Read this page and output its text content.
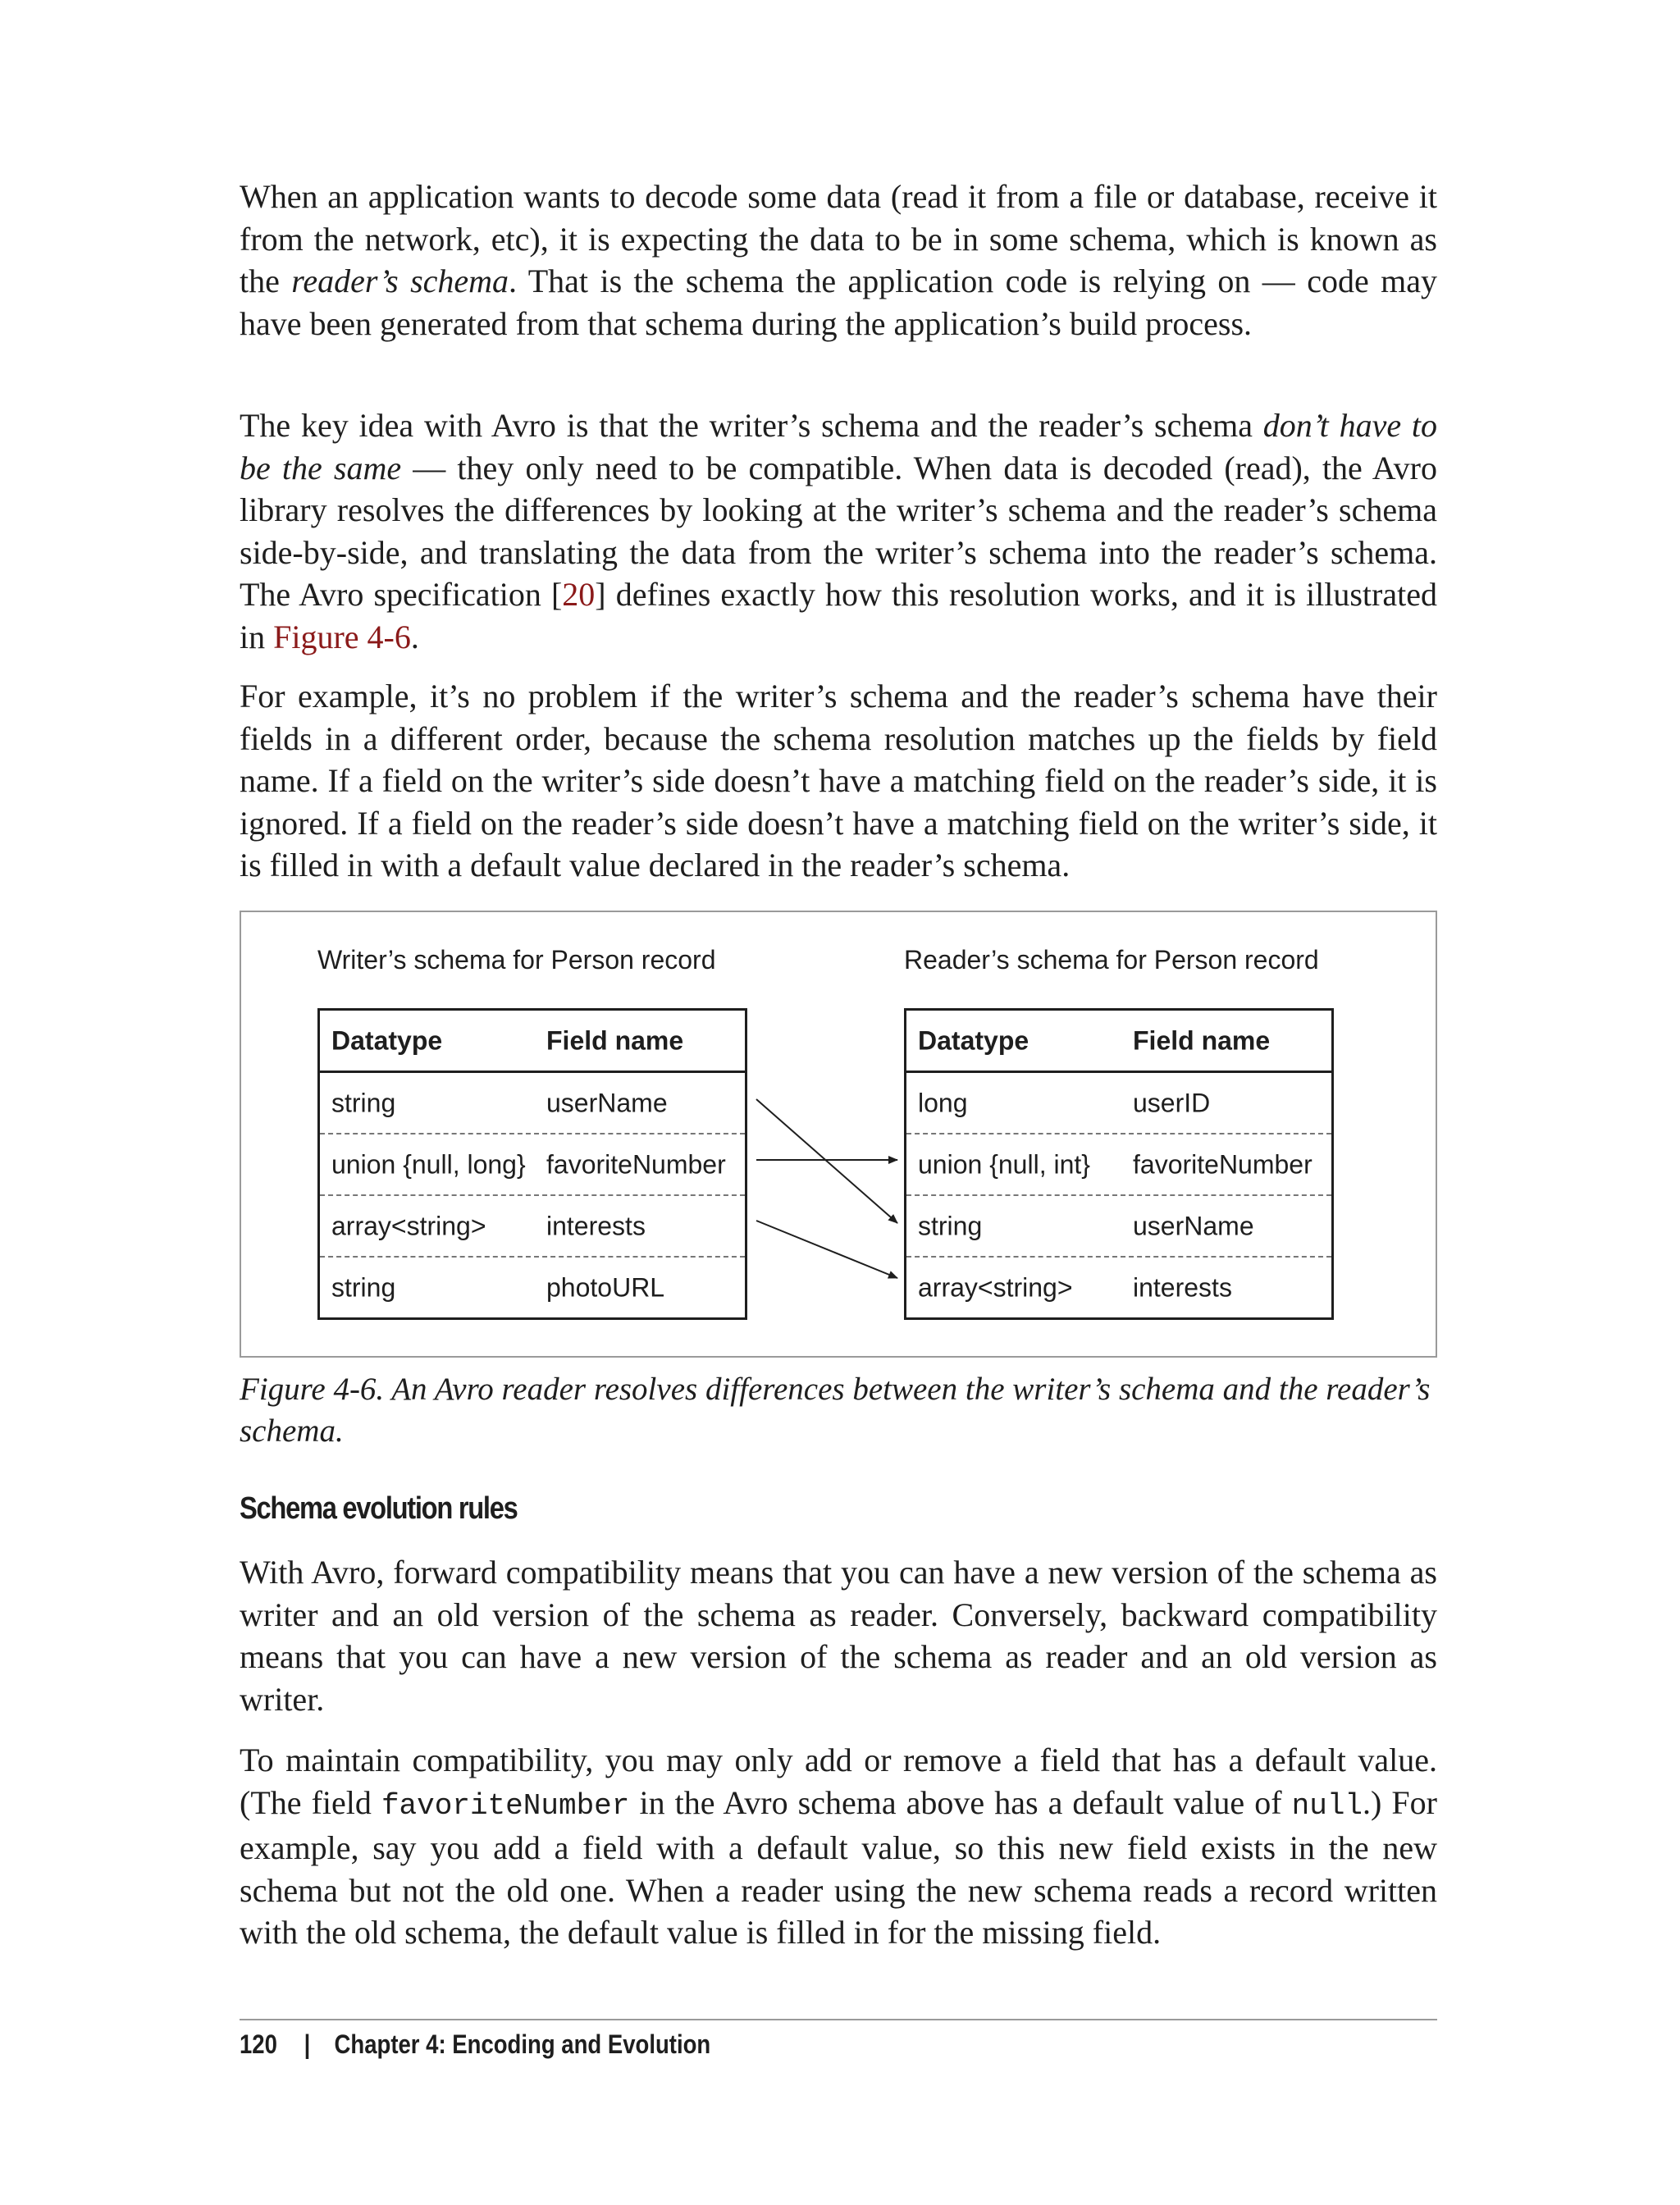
When an application wants to decode some data (read it from a file or database, receive it from the network, etc), it is expecting the data to be in some schema, which is known as the reader’s schema. That is the schema the application code is relying on — code may have been generated from that schema during the application’s build process.

The key idea with Avro is that the writer’s schema and the reader’s schema don’t have to be the same — they only need to be compatible. When data is decoded (read), the Avro library resolves the differences by looking at the writer’s schema and the reader’s schema side-by-side, and translating the data from the writer’s schema into the reader’s schema. The Avro specification [20] defines exactly how this resolution works, and it is illustrated in Figure 4-6.

For example, it’s no problem if the writer’s schema and the reader’s schema have their fields in a different order, because the schema resolution matches up the fields by field name. If a field on the writer’s side doesn’t have a matching field on the reader’s side, it is ignored. If a field on the reader’s side doesn’t have a matching field on the writer’s side, it is filled in with a default value declared in the reader’s schema.

Writer’s schema for Person record	Reader’s schema for Person record
Datatype	Field name
string	userName
union {null, long} favoriteNumber
array<string> interests
string	photoURL
Datatype	Field name
long	userID
union {null, int} favoriteNumber
string	userName
array<string> interests

Figure 4-6. An Avro reader resolves differences between the writer’s schema and the reader’s schema.

Schema evolution rules

With Avro, forward compatibility means that you can have a new version of the schema as writer and an old version of the schema as reader. Conversely, backward compatibility means that you can have a new version of the schema as reader and an old version as writer.

To maintain compatibility, you may only add or remove a field that has a default value. (The field favoriteNumber in the Avro schema above has a default value of null.) For example, say you add a field with a default value, so this new field exists in the new schema but not the old one. When a reader using the new schema reads a record written with the old schema, the default value is filled in for the missing field.

120 | Chapter 4: Encoding and Evolution
